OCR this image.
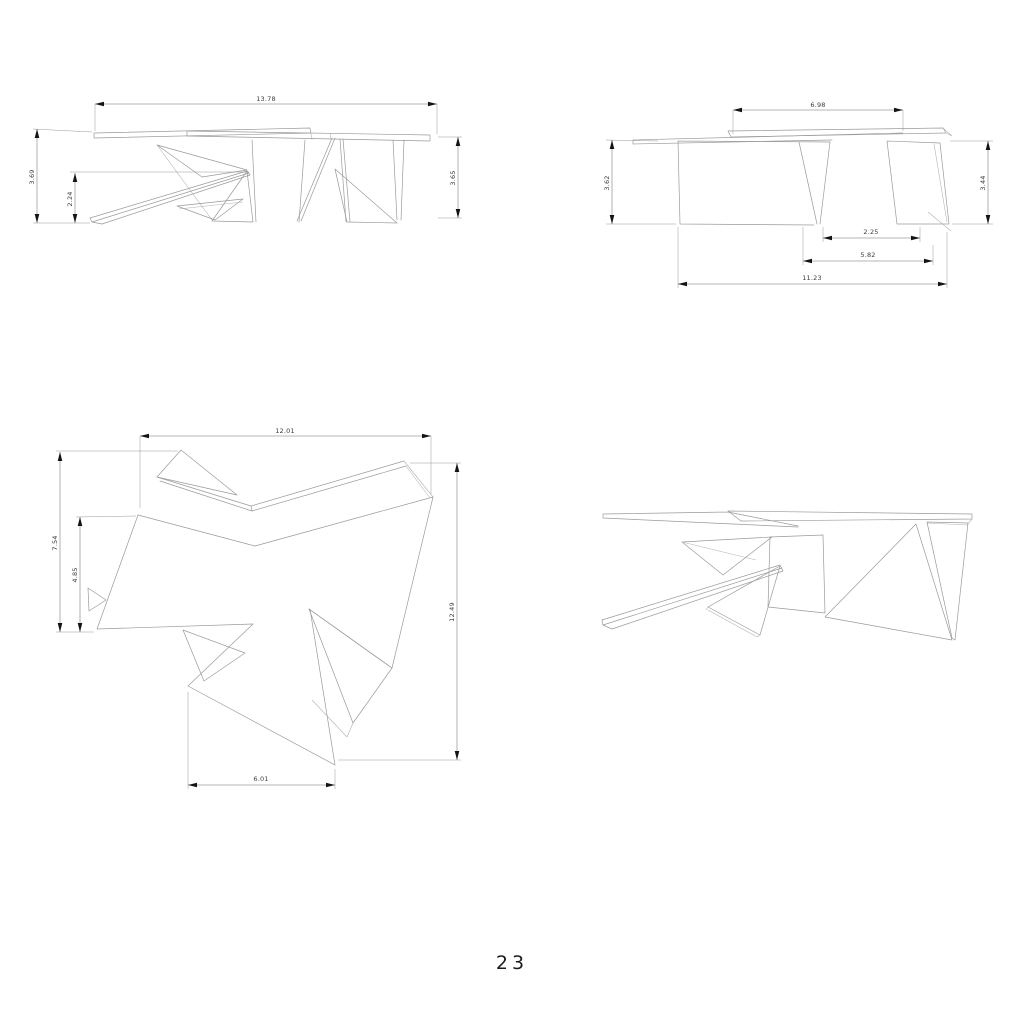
13.78
3.69
2.24
3.65
6.98
3.62	3.44
2.25
5.82
11.23
12.01
7.54
4.85
12.49
6.01
23
